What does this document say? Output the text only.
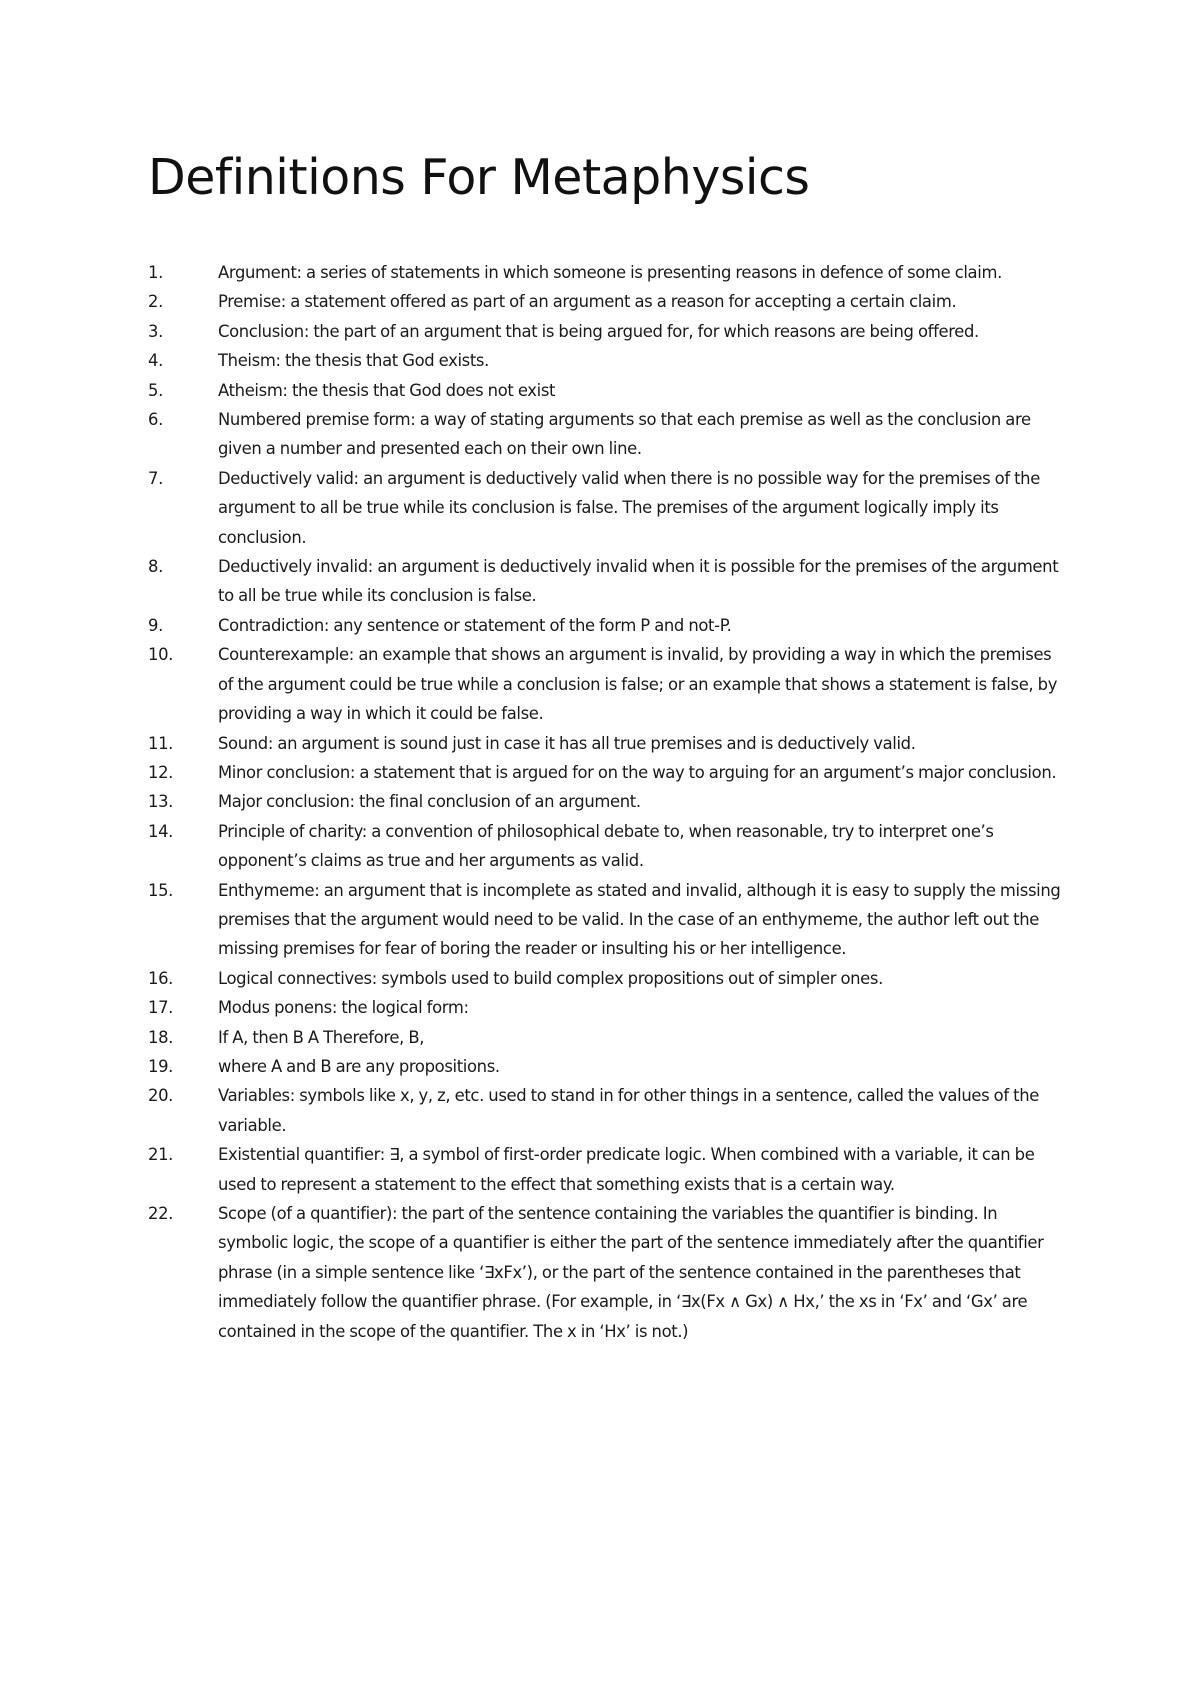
Definitions For Metaphysics
1.	Argument: a series of statements in which someone is presenting reasons in defence of some claim.
2.	Premise: a statement offered as part of an argument as a reason for accepting a certain claim.
3.	Conclusion: the part of an argument that is being argued for, for which reasons are being offered.
4.	Theism: the thesis that God exists.
5.	Atheism: the thesis that God does not exist
6.	Numbered premise form: a way of stating arguments so that each premise as well as the conclusion are given a number and presented each on their own line.
7.	Deductively valid: an argument is deductively valid when there is no possible way for the premises of the argument to all be true while its conclusion is false. The premises of the argument logically imply its conclusion.
8.	Deductively invalid: an argument is deductively invalid when it is possible for the premises of the argument to all be true while its conclusion is false.
9.	Contradiction: any sentence or statement of the form P and not-P.
10.	Counterexample: an example that shows an argument is invalid, by providing a way in which the premises of the argument could be true while a conclusion is false; or an example that shows a statement is false, by providing a way in which it could be false.
11.	Sound: an argument is sound just in case it has all true premises and is deductively valid.
12.	Minor conclusion: a statement that is argued for on the way to arguing for an argument’s major conclusion.
13.	Major conclusion: the final conclusion of an argument.
14.	Principle of charity: a convention of philosophical debate to, when reasonable, try to interpret one’s opponent’s claims as true and her arguments as valid.
15.	Enthymeme: an argument that is incomplete as stated and invalid, although it is easy to supply the missing premises that the argument would need to be valid. In the case of an enthymeme, the author left out the missing premises for fear of boring the reader or insulting his or her intelligence.
16.	Logical connectives: symbols used to build complex propositions out of simpler ones.
17.	Modus ponens: the logical form:
18.	If A, then B A Therefore, B,
19.	where A and B are any propositions.
20.	Variables: symbols like x, y, z, etc. used to stand in for other things in a sentence, called the values of the variable.
21.	Existential quantifier: ∃, a symbol of first-order predicate logic. When combined with a variable, it can be used to represent a statement to the effect that something exists that is a certain way.
22.	Scope (of a quantifier): the part of the sentence containing the variables the quantifier is binding. In symbolic logic, the scope of a quantifier is either the part of the sentence immediately after the quantifier phrase (in a simple sentence like ‘∃xFx’), or the part of the sentence contained in the parentheses that immediately follow the quantifier phrase. (For example, in ‘∃x(Fx ∧ Gx) ∧ Hx,’ the xs in ‘Fx’ and ‘Gx’ are contained in the scope of the quantifier. The x in ‘Hx’ is not.)
